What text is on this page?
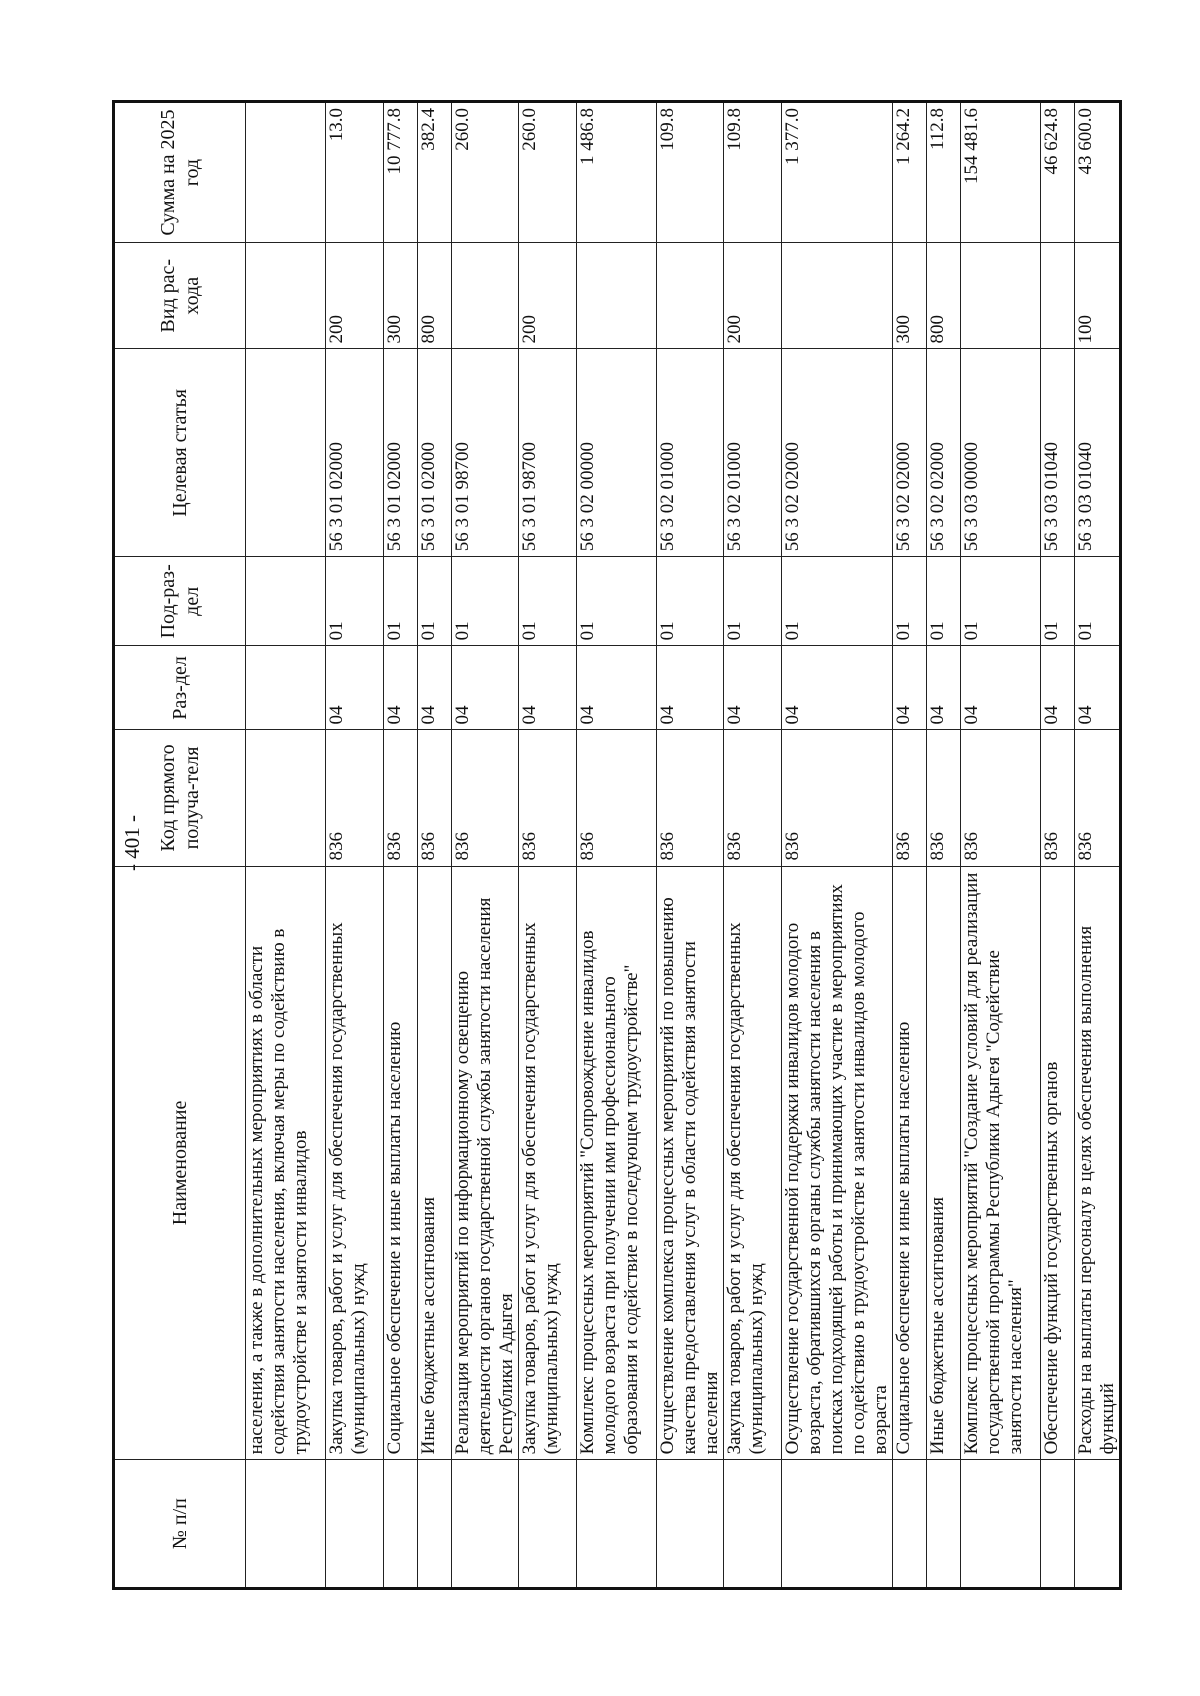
- 401 -
№ п/п	Наименование	Код прямого получа-теля	Раз-дел	Под-раз-дел	Целевая статья	Вид рас-хода	Сумма на 2025 год
	населения, а также в дополнительных мероприятиях в области содействия занятости населения, включая меры по содействию в трудоустройстве и занятости инвалидов						
	Закупка товаров, работ и услуг для обеспечения государственных (муниципальных) нужд	836	04	01	56 3 01 02000	200	13.0
	Социальное обеспечение и иные выплаты населению	836	04	01	56 3 01 02000	300	10 777.8
	Иные бюджетные ассигнования	836	04	01	56 3 01 02000	800	382.4
	Реализация мероприятий по информационному освещению деятельности органов государственной службы занятости населения Республики Адыгея	836	04	01	56 3 01 98700		260.0
	Закупка товаров, работ и услуг для обеспечения государственных (муниципальных) нужд	836	04	01	56 3 01 98700	200	260.0
	Комплекс процессных мероприятий "Сопровождение инвалидов молодого возраста при получении ими профессионального образования и содействие в последующем трудоустройстве"	836	04	01	56 3 02 00000		1 486.8
	Осуществление комплекса процессных мероприятий по повышению качества предоставления услуг в области содействия занятости населения	836	04	01	56 3 02 01000		109.8
	Закупка товаров, работ и услуг для обеспечения государственных (муниципальных) нужд	836	04	01	56 3 02 01000	200	109.8
	Осуществление государственной поддержки инвалидов молодого возраста, обратившихся в органы службы занятости населения в поисках подходящей работы и принимающих участие в мероприятиях по содействию в трудоустройстве и занятости инвалидов молодого возраста	836	04	01	56 3 02 02000		1 377.0
	Социальное обеспечение и иные выплаты населению	836	04	01	56 3 02 02000	300	1 264.2
	Иные бюджетные ассигнования	836	04	01	56 3 02 02000	800	112.8
	Комплекс процессных мероприятий "Создание условий для реализации государственной программы Республики Адыгея "Содействие занятости населения"	836	04	01	56 3 03 00000		154 481.6
	Обеспечение функций государственных органов	836	04	01	56 3 03 01040		46 624.8
	Расходы на выплаты персоналу в целях обеспечения выполнения функций	836	04	01	56 3 03 01040	100	43 600.0
